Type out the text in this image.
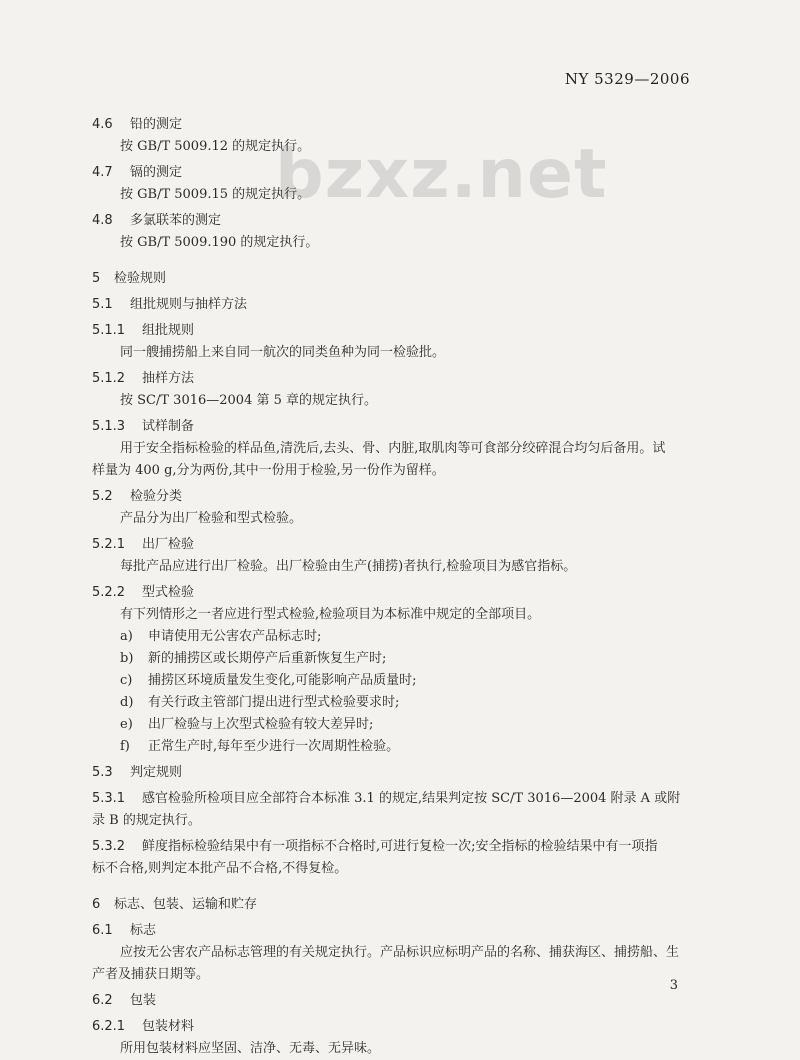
NY 5329—2006
bzxz.net
4.6 铅的测定
按 GB/T 5009.12 的规定执行。
4.7 镉的测定
按 GB/T 5009.15 的规定执行。
4.8 多氯联苯的测定
按 GB/T 5009.190 的规定执行。
5 检验规则
5.1 组批规则与抽样方法
5.1.1 组批规则
同一艘捕捞船上来自同一航次的同类鱼种为同一检验批。
5.1.2 抽样方法
按 SC/T 3016—2004 第 5 章的规定执行。
5.1.3 试样制备
用于安全指标检验的样品鱼,清洗后,去头、骨、内脏,取肌肉等可食部分绞碎混合均匀后备用。试
样量为 400 g,分为两份,其中一份用于检验,另一份作为留样。
5.2 检验分类
产品分为出厂检验和型式检验。
5.2.1 出厂检验
每批产品应进行出厂检验。出厂检验由生产(捕捞)者执行,检验项目为感官指标。
5.2.2 型式检验
有下列情形之一者应进行型式检验,检验项目为本标准中规定的全部项目。
a) 申请使用无公害农产品标志时;
b) 新的捕捞区或长期停产后重新恢复生产时;
c) 捕捞区环境质量发生变化,可能影响产品质量时;
d) 有关行政主管部门提出进行型式检验要求时;
e) 出厂检验与上次型式检验有较大差异时;
f) 正常生产时,每年至少进行一次周期性检验。
5.3 判定规则
5.3.1 感官检验所检项目应全部符合本标准 3.1 的规定,结果判定按 SC/T 3016—2004 附录 A 或附
录 B 的规定执行。
5.3.2 鲜度指标检验结果中有一项指标不合格时,可进行复检一次;安全指标的检验结果中有一项指
标不合格,则判定本批产品不合格,不得复检。
6 标志、包装、运输和贮存
6.1 标志
应按无公害农产品标志管理的有关规定执行。产品标识应标明产品的名称、捕获海区、捕捞船、生
产者及捕获日期等。
6.2 包装
6.2.1 包装材料
所用包装材料应坚固、洁净、无毒、无异味。
3
